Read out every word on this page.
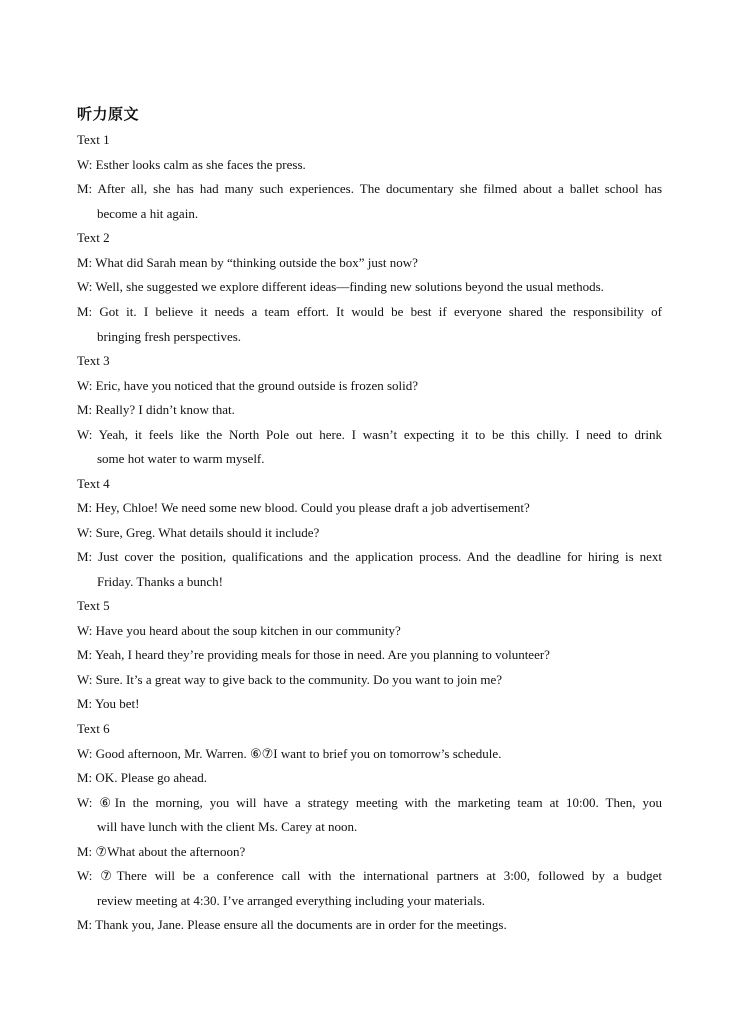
听力原文
Text 1
W: Esther looks calm as she faces the press.
M: After all, she has had many such experiences. The documentary she filmed about a ballet school has
become a hit again.
Text 2
M: What did Sarah mean by “thinking outside the box” just now?
W: Well, she suggested we explore different ideas—finding new solutions beyond the usual methods.
M: Got it. I believe it needs a team effort. It would be best if everyone shared the responsibility of
bringing fresh perspectives.
Text 3
W: Eric, have you noticed that the ground outside is frozen solid?
M: Really? I didn’t know that.
W: Yeah, it feels like the North Pole out here. I wasn’t expecting it to be this chilly. I need to drink
some hot water to warm myself.
Text 4
M: Hey, Chloe! We need some new blood. Could you please draft a job advertisement?
W: Sure, Greg. What details should it include?
M: Just cover the position, qualifications and the application process. And the deadline for hiring is next
Friday. Thanks a bunch!
Text 5
W: Have you heard about the soup kitchen in our community?
M: Yeah, I heard they’re providing meals for those in need. Are you planning to volunteer?
W: Sure. It’s a great way to give back to the community. Do you want to join me?
M: You bet!
Text 6
W: Good afternoon, Mr. Warren. ⑥⑦I want to brief you on tomorrow’s schedule.
M: OK. Please go ahead.
W: ⑥In the morning, you will have a strategy meeting with the marketing team at 10:00. Then, you
will have lunch with the client Ms. Carey at noon.
M: ⑦What about the afternoon?
W: ⑦There will be a conference call with the international partners at 3:00, followed by a budget
review meeting at 4:30. I’ve arranged everything including your materials.
M: Thank you, Jane. Please ensure all the documents are in order for the meetings.
